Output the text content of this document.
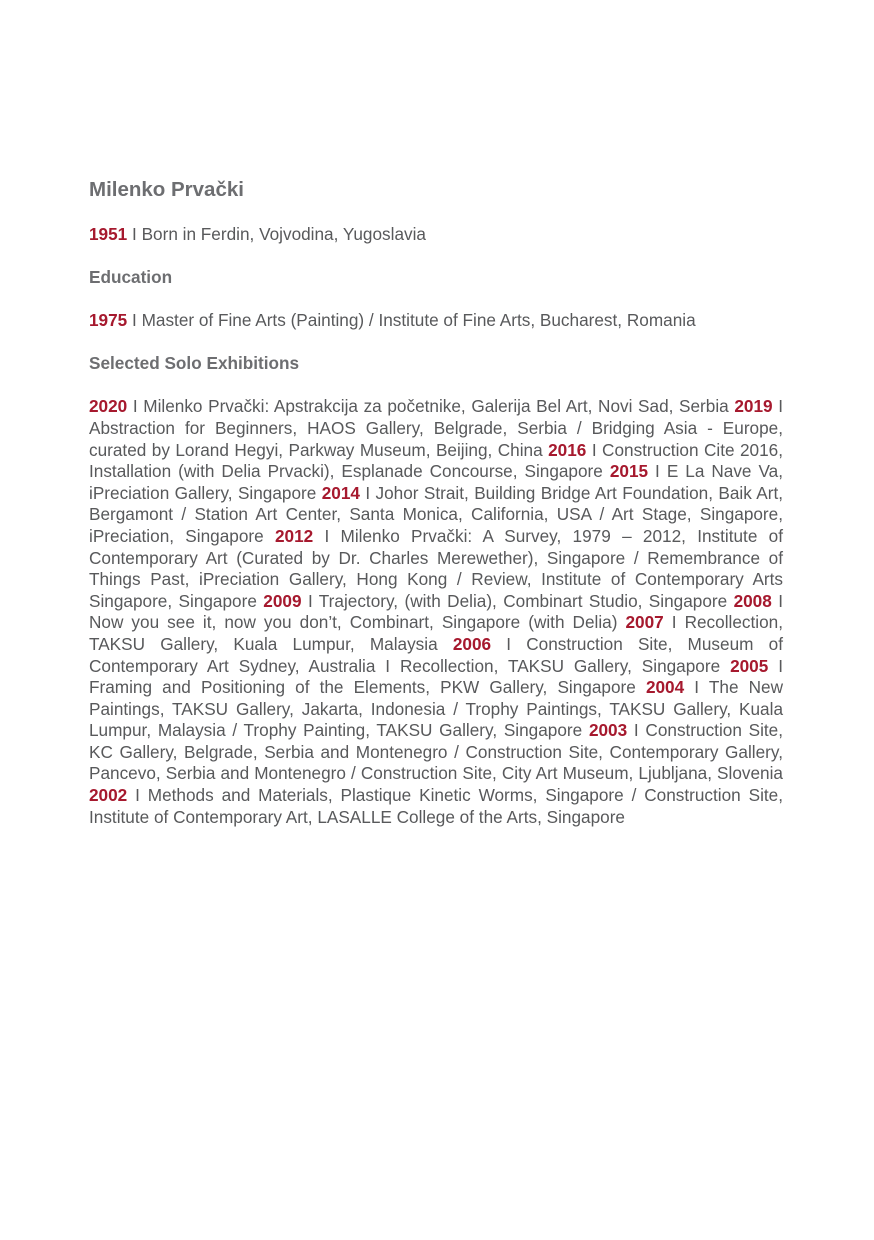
Milenko Prvački

1951 I Born in Ferdin, Vojvodina, Yugoslavia

Education

1975 I Master of Fine Arts (Painting) / Institute of Fine Arts, Bucharest, Romania

Selected Solo Exhibitions

2020 I Milenko Prvački: Apstrakcija za početnike, Galerija Bel Art, Novi Sad, Serbia 2019 I Abstraction for Beginners, HAOS Gallery, Belgrade, Serbia / Bridging Asia - Europe, curated by Lorand Hegyi, Parkway Museum, Beijing, China 2016 I Construction Cite 2016, Installation (with Delia Prvacki), Esplanade Concourse, Singapore 2015 I E La Nave Va, iPreciation Gallery, Singapore 2014 I Johor Strait, Building Bridge Art Foundation, Baik Art, Bergamont / Station Art Center, Santa Monica, California, USA / Art Stage, Singapore, iPreciation, Singapore 2012 I Milenko Prvački: A Survey, 1979 – 2012, Institute of Contemporary Art (Curated by Dr. Charles Merewether), Singapore / Remembrance of Things Past, iPreciation Gallery, Hong Kong / Review, Institute of Contemporary Arts Singapore, Singapore 2009 I Trajectory, (with Delia), Combinart Studio, Singapore 2008 I Now you see it, now you don’t, Combinart, Singapore (with Delia) 2007 I Recollection, TAKSU Gallery, Kuala Lumpur, Malaysia 2006 I Construction Site, Museum of Contemporary Art Sydney, Australia I Recollection, TAKSU Gallery, Singapore 2005 I Framing and Positioning of the Elements, PKW Gallery, Singapore 2004 I The New Paintings, TAKSU Gallery, Jakarta, Indonesia / Trophy Paintings, TAKSU Gallery, Kuala Lumpur, Malaysia / Trophy Painting, TAKSU Gallery, Singapore 2003 I Construction Site, KC Gallery, Belgrade, Serbia and Montenegro / Construction Site, Contemporary Gallery, Pancevo, Serbia and Montenegro / Construction Site, City Art Museum, Ljubljana, Slovenia 2002 I Methods and Materials, Plastique Kinetic Worms, Singapore / Construction Site, Institute of Contemporary Art, LASALLE College of the Arts, Singapore
